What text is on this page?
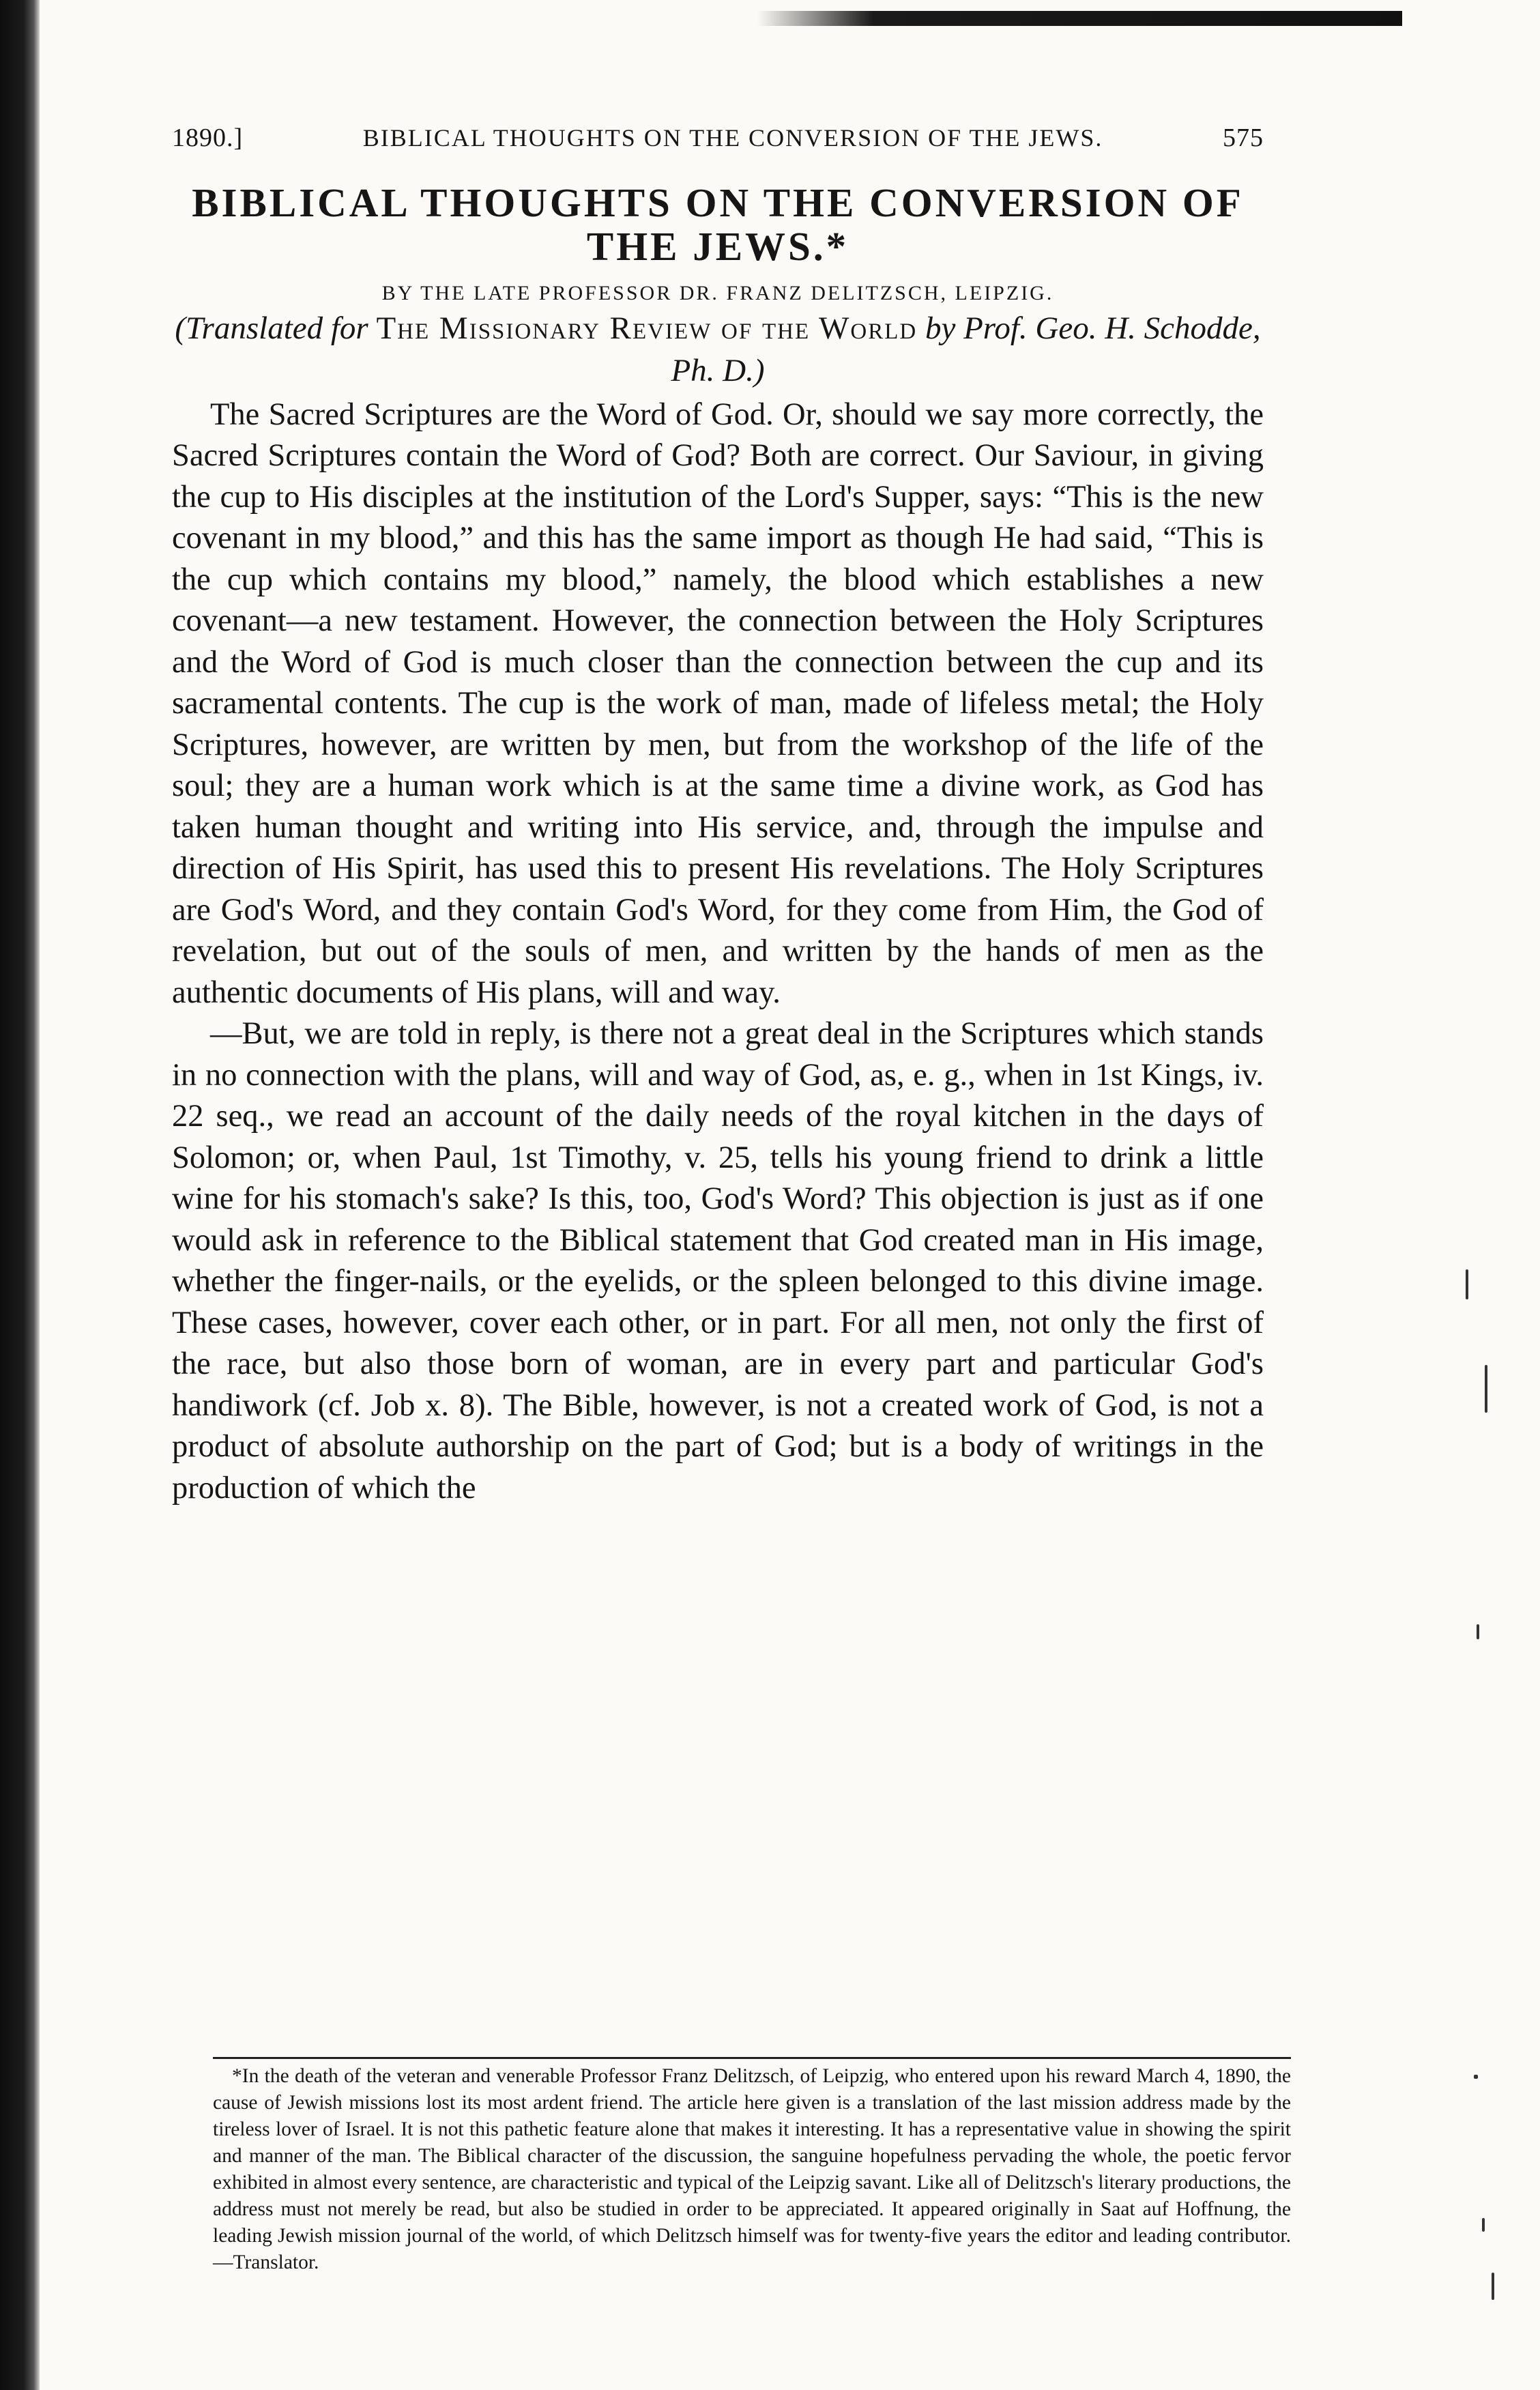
1890.]	BIBLICAL THOUGHTS ON THE CONVERSION OF THE JEWS.	575
BIBLICAL THOUGHTS ON THE CONVERSION OF THE JEWS.*
BY THE LATE PROFESSOR DR. FRANZ DELITZSCH, LEIPZIG.
(Translated for The Missionary Review of the World by Prof. Geo. H. Schodde, Ph. D.)

The Sacred Scriptures are the Word of God. Or, should we say more correctly, the Sacred Scriptures contain the Word of God? Both are correct. Our Saviour, in giving the cup to His disciples at the institution of the Lord's Supper, says: “This is the new covenant in my blood,” and this has the same import as though He had said, “This is the cup which contains my blood,” namely, the blood which establishes a new covenant—a new testament. However, the connection between the Holy Scriptures and the Word of God is much closer than the connection between the cup and its sacramental contents. The cup is the work of man, made of lifeless metal; the Holy Scriptures, however, are written by men, but from the workshop of the life of the soul; they are a human work which is at the same time a divine work, as God has taken human thought and writing into His service, and, through the impulse and direction of His Spirit, has used this to present His revelations. The Holy Scriptures are God's Word, and they contain God's Word, for they come from Him, the God of revelation, but out of the souls of men, and written by the hands of men as the authentic documents of His plans, will and way.

—But, we are told in reply, is there not a great deal in the Scriptures which stands in no connection with the plans, will and way of God, as, e. g., when in 1st Kings, iv. 22 seq., we read an account of the daily needs of the royal kitchen in the days of Solomon; or, when Paul, 1st Timothy, v. 25, tells his young friend to drink a little wine for his stomach's sake? Is this, too, God's Word? This objection is just as if one would ask in reference to the Biblical statement that God created man in His image, whether the finger-nails, or the eyelids, or the spleen belonged to this divine image. These cases, however, cover each other, or in part. For all men, not only the first of the race, but also those born of woman, are in every part and particular God's handiwork (cf. Job x. 8). The Bible, however, is not a created work of God, is not a product of absolute authorship on the part of God; but is a body of writings in the production of which the

*In the death of the veteran and venerable Professor Franz Delitzsch, of Leipzig, who entered upon his reward March 4, 1890, the cause of Jewish missions lost its most ardent friend. The article here given is a translation of the last mission address made by the tireless lover of Israel. It is not this pathetic feature alone that makes it interesting. It has a representative value in showing the spirit and manner of the man. The Biblical character of the discussion, the sanguine hopefulness pervading the whole, the poetic fervor exhibited in almost every sentence, are characteristic and typical of the Leipzig savant. Like all of Delitzsch's literary productions, the address must not merely be read, but also be studied in order to be appreciated. It appeared originally in Saat auf Hoffnung, the leading Jewish mission journal of the world, of which Delitzsch himself was for twenty-five years the editor and leading contributor.—Translator.
